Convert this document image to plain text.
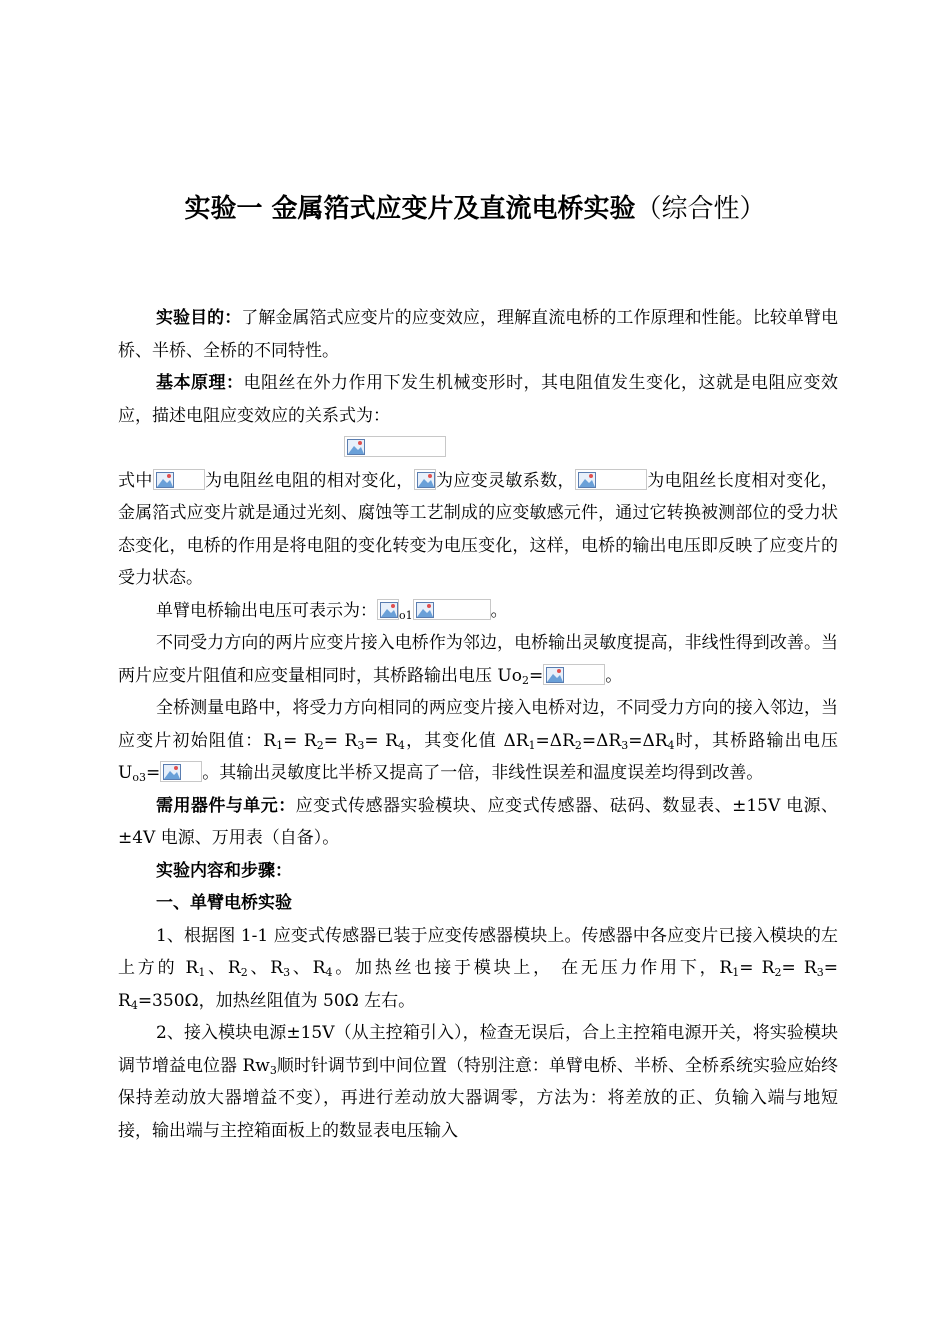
实验一 金属箔式应变片及直流电桥实验（综合性）

实验目的：了解金属箔式应变片的应变效应，理解直流电桥的工作原理和性能。比较单臂电桥、半桥、全桥的不同特性。

基本原理：电阻丝在外力作用下发生机械变形时，其电阻值发生变化，这就是电阻应变效应，描述电阻应变效应的关系式为：

式中	为电阻丝电阻的相对变化， 为应变灵敏系数，	为电阻丝长度相对变化，金属箔式应变片就是通过光刻、腐蚀等工艺制成的应变敏感元件，通过它转换被测部位的受力状态变化，电桥的作用是将电阻的变化转变为电压变化，这样，电桥的输出电压即反映了应变片的受力状态。

单臂电桥输出电压可表示为： $_{o1}$	。

不同受力方向的两片应变片接入电桥作为邻边，电桥输出灵敏度提高，非线性得到改善。当两片应变片阻值和应变量相同时，其桥路输出电压 $Uo_2=$	。

全桥测量电路中，将受力方向相同的两应变片接入电桥对边，不同受力方向的接入邻边，当应变片初始阻值：$R_1= R_2= R_3= R_4$，其变化值 $\Delta R_1=\Delta R_2=\Delta R_3=\Delta R_4$时，其桥路输出电压 $U_{o3}=$ 。其输出灵敏度比半桥又提高了一倍，非线性误差和温度误差均得到改善。

需用器件与单元：应变式传感器实验模块、应变式传感器、砝码、数显表、±15V 电源、±4V 电源、万用表（自备）。

实验内容和步骤：

一、单臂电桥实验

1、根据图 1-1 应变式传感器已装于应变传感器模块上。传感器中各应变片已接入模块的左上方的 $R_1$、$R_2$、$R_3$、$R_4$。加热丝也接于模块上， 在无压力作用下，$R_1= R_2= R_3= R_4=350\Omega$，加热丝阻值为 50Ω 左右。

2、接入模块电源±15V（从主控箱引入），检查无误后，合上主控箱电源开关，将实验模块调节增益电位器 $Rw_3$顺时针调节到中间位置（特别注意：单臂电桥、半桥、全桥系统实验应始终保持差动放大器增益不变），再进行差动放大器调零，方法为：将差放的正、负输入端与地短接，输出端与主控箱面板上的数显表电压输入
